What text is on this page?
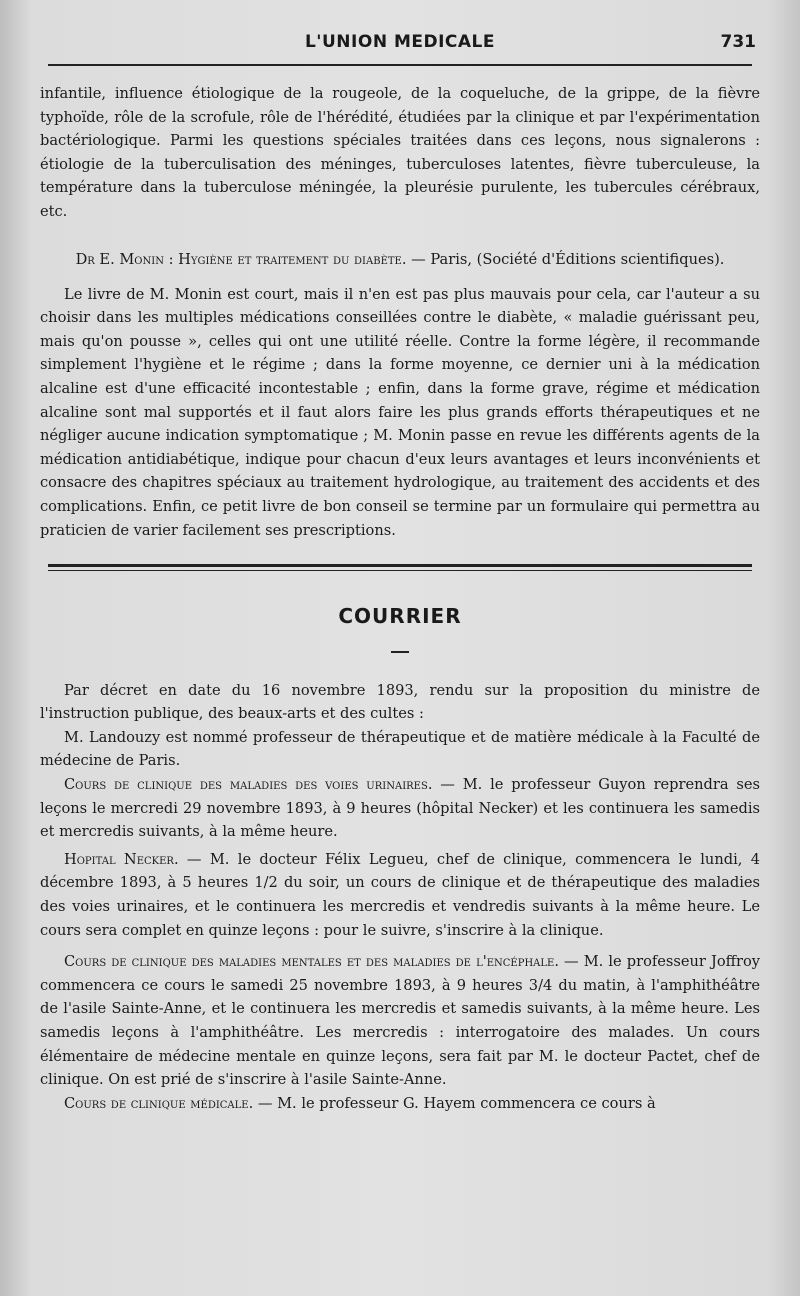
L'UNION MEDICALE	731

infantile, influence étiologique de la rougeole, de la coqueluche, de la grippe, de la fièvre typhoïde, rôle de la scrofule, rôle de l'hérédité, étudiées par la clinique et par l'expérimentation bactériologique. Parmi les questions spéciales traitées dans ces leçons, nous signalerons : étiologie de la tuberculisation des méninges, tuberculoses latentes, fièvre tuberculeuse, la température dans la tuberculose méningée, la pleurésie purulente, les tubercules cérébraux, etc.

Dr E. Monin : Hygiène et traitement du diabète. — Paris, (Société d'Éditions scientifiques).

Le livre de M. Monin est court, mais il n'en est pas plus mauvais pour cela, car l'auteur a su choisir dans les multiples médications conseillées contre le diabète, « maladie guérissant peu, mais qu'on pousse », celles qui ont une utilité réelle. Contre la forme légère, il recommande simplement l'hygiène et le régime ; dans la forme moyenne, ce dernier uni à la médication alcaline est d'une efficacité incontestable ; enfin, dans la forme grave, régime et médication alcaline sont mal supportés et il faut alors faire les plus grands efforts thérapeutiques et ne négliger aucune indication symptomatique ; M. Monin passe en revue les différents agents de la médication antidiabétique, indique pour chacun d'eux leurs avantages et leurs inconvénients et consacre des chapitres spéciaux au traitement hydrologique, au traitement des accidents et des complications. Enfin, ce petit livre de bon conseil se termine par un formulaire qui permettra au praticien de varier facilement ses prescriptions.

COURRIER

Par décret en date du 16 novembre 1893, rendu sur la proposition du ministre de l'instruction publique, des beaux-arts et des cultes :

M. Landouzy est nommé professeur de thérapeutique et de matière médicale à la Faculté de médecine de Paris.

Cours de clinique des maladies des voies urinaires. — M. le professeur Guyon reprendra ses leçons le mercredi 29 novembre 1893, à 9 heures (hôpital Necker) et les continuera les samedis et mercredis suivants, à la même heure.

Hopital Necker. — M. le docteur Félix Legueu, chef de clinique, commencera le lundi, 4 décembre 1893, à 5 heures 1/2 du soir, un cours de clinique et de thérapeutique des maladies des voies urinaires, et le continuera les mercredis et vendredis suivants à la même heure. Le cours sera complet en quinze leçons : pour le suivre, s'inscrire à la clinique.

Cours de clinique des maladies mentales et des maladies de l'encéphale. — M. le professeur Joffroy commencera ce cours le samedi 25 novembre 1893, à 9 heures 3/4 du matin, à l'amphithéâtre de l'asile Sainte-Anne, et le continuera les mercredis et samedis suivants, à la même heure. Les samedis leçons à l'amphithéâtre. Les mercredis : interrogatoire des malades. Un cours élémentaire de médecine mentale en quinze leçons, sera fait par M. le docteur Pactet, chef de clinique. On est prié de s'inscrire à l'asile Sainte-Anne.

Cours de clinique médicale. — M. le professeur G. Hayem commencera ce cours à
